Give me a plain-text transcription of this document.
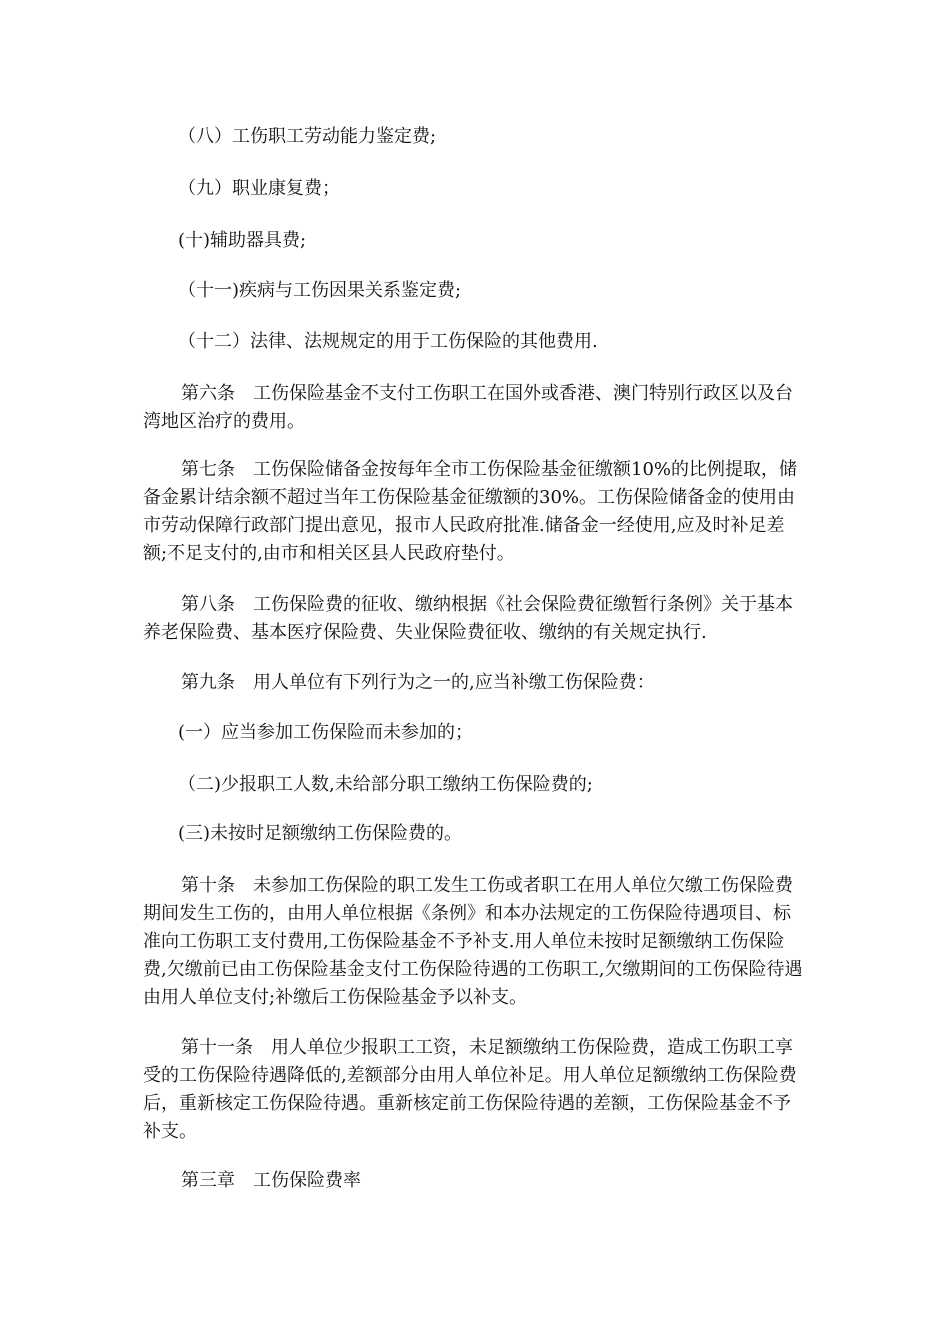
（八）工伤职工劳动能力鉴定费;

（九）职业康复费；

(十)辅助器具费;

（十一)疾病与工伤因果关系鉴定费;

（十二）法律、法规规定的用于工伤保险的其他费用.

第六条　工伤保险基金不支付工伤职工在国外或香港、澳门特别行政区以及台湾地区治疗的费用。

第七条　工伤保险储备金按每年全市工伤保险基金征缴额10%的比例提取，储备金累计结余额不超过当年工伤保险基金征缴额的30%。工伤保险储备金的使用由市劳动保障行政部门提出意见，报市人民政府批准.储备金一经使用,应及时补足差额;不足支付的,由市和相关区县人民政府垫付。

第八条　工伤保险费的征收、缴纳根据《社会保险费征缴暂行条例》关于基本养老保险费、基本医疗保险费、失业保险费征收、缴纳的有关规定执行.

第九条　用人单位有下列行为之一的,应当补缴工伤保险费：

(一）应当参加工伤保险而未参加的；

（二)少报职工人数,未给部分职工缴纳工伤保险费的;

(三)未按时足额缴纳工伤保险费的。

第十条　未参加工伤保险的职工发生工伤或者职工在用人单位欠缴工伤保险费期间发生工伤的，由用人单位根据《条例》和本办法规定的工伤保险待遇项目、标准向工伤职工支付费用,工伤保险基金不予补支.用人单位未按时足额缴纳工伤保险费,欠缴前已由工伤保险基金支付工伤保险待遇的工伤职工,欠缴期间的工伤保险待遇由用人单位支付;补缴后工伤保险基金予以补支。

第十一条　用人单位少报职工工资，未足额缴纳工伤保险费，造成工伤职工享受的工伤保险待遇降低的,差额部分由用人单位补足。用人单位足额缴纳工伤保险费后，重新核定工伤保险待遇。重新核定前工伤保险待遇的差额，工伤保险基金不予补支。

第三章　工伤保险费率
